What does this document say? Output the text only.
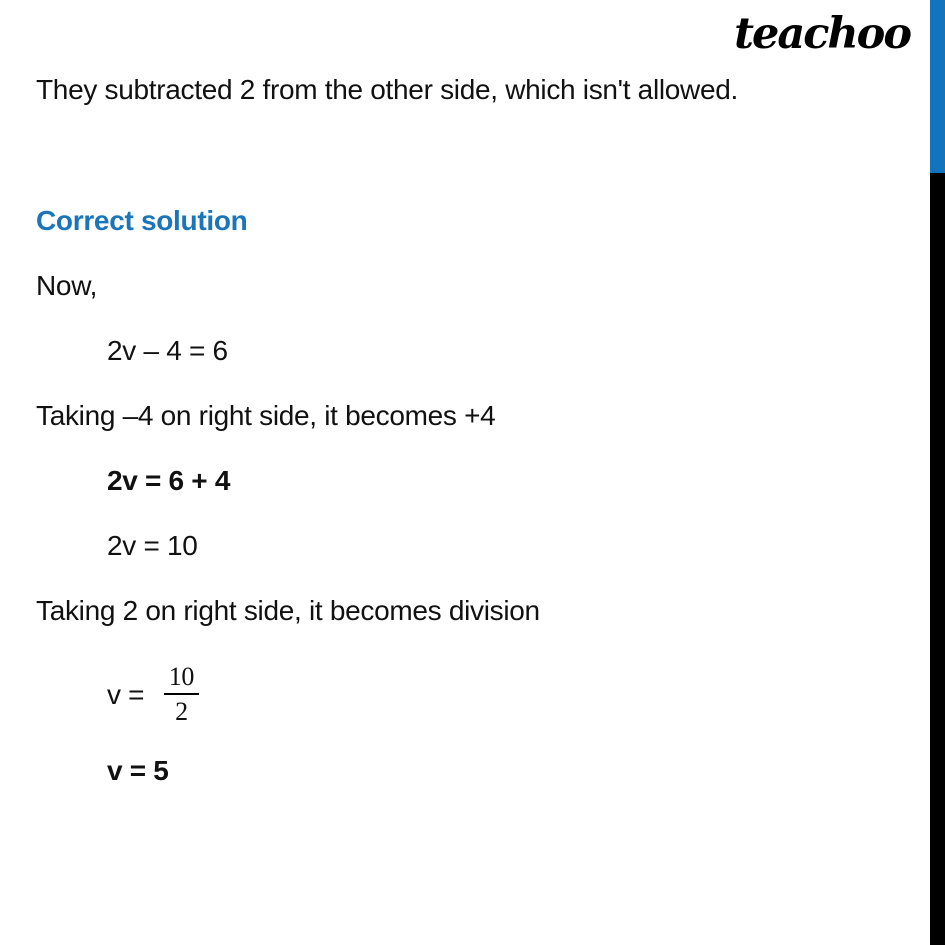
teachoo
They subtracted 2 from the other side, which isn't allowed.
Correct solution
Now,
2v – 4 = 6
Taking –4 on right side, it becomes +4
2v = 6 + 4
2v = 10
Taking 2 on right side, it becomes division
$v = \frac{10}{2}$
v = 5
